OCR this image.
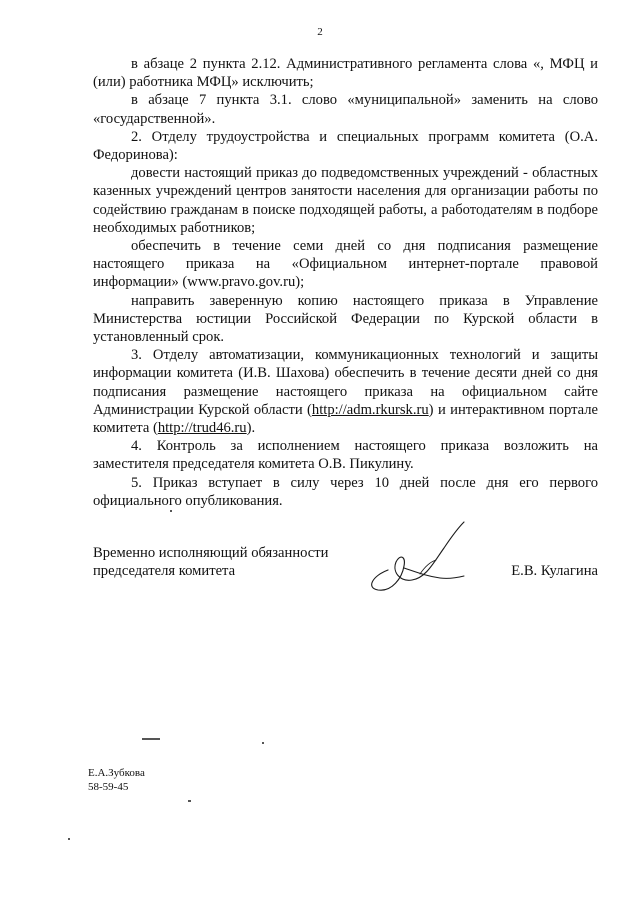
2

в абзаце 2 пункта 2.12. Административного регламента слова «, МФЦ и (или) работника МФЦ» исключить;

в абзаце 7 пункта 3.1. слово «муниципальной» заменить на слово «государственной».

2. Отделу трудоустройства и специальных программ комитета (О.А. Федоринова):

довести настоящий приказ до подведомственных учреждений - областных казенных учреждений центров занятости населения для организации работы по содействию гражданам в поиске подходящей работы, а работодателям в подборе необходимых работников;

обеспечить в течение семи дней со дня подписания размещение настоящего приказа на «Официальном интернет-портале правовой информации» (www.pravo.gov.ru);

направить заверенную копию настоящего приказа в Управление Министерства юстиции Российской Федерации по Курской области в установленный срок.

3. Отделу автоматизации, коммуникационных технологий и защиты информации комитета (И.В. Шахова) обеспечить в течение десяти дней со дня подписания размещение настоящего приказа на официальном сайте Администрации Курской области (http://adm.rkursk.ru) и интерактивном портале комитета (http://trud46.ru).

4. Контроль за исполнением настоящего приказа возложить на заместителя председателя комитета О.В. Пикулину.

5. Приказ вступает в силу через 10 дней после дня его первого официального опубликования.

Временно исполняющий обязанности
председателя комитета	Е.В. Кулагина
Е.А.Зубкова
58-59-45
